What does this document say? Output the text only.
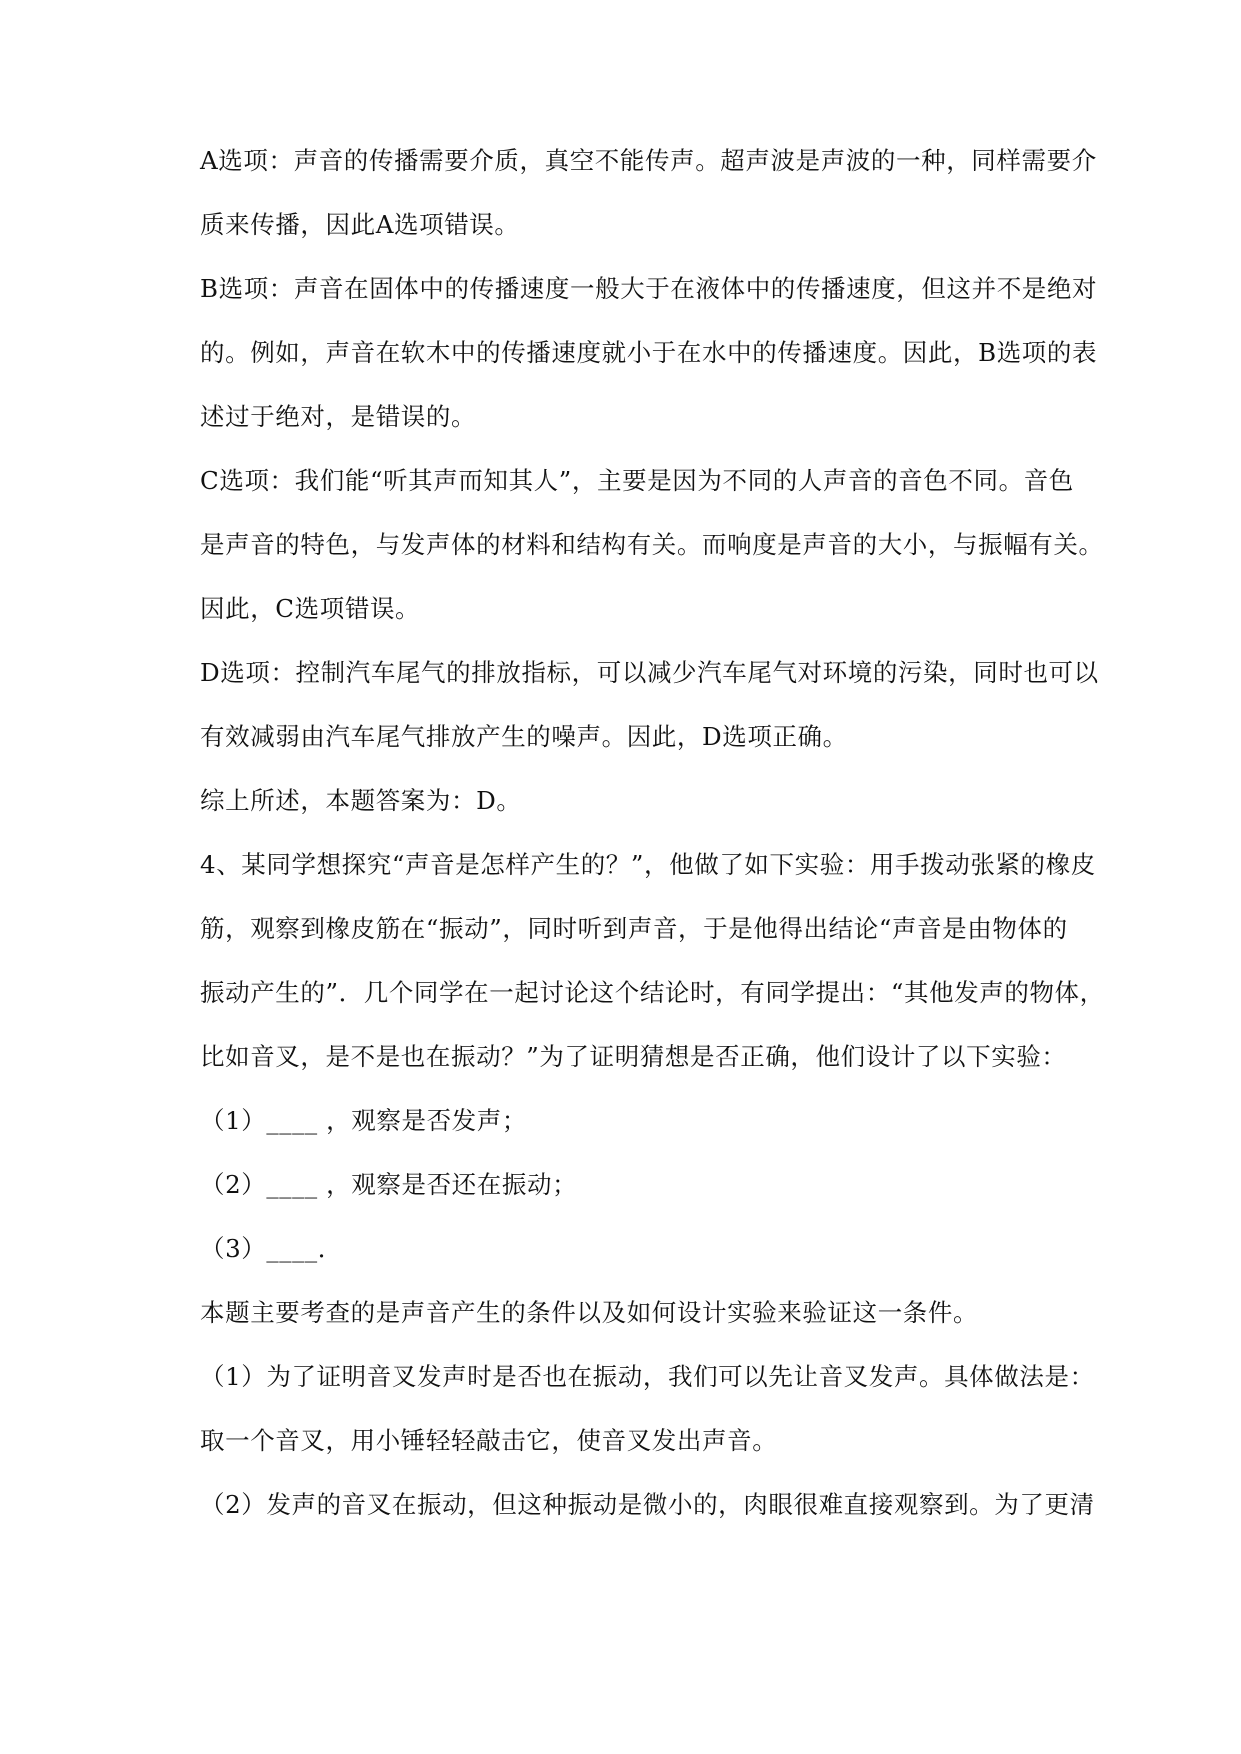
A选项：声音的传播需要介质，真空不能传声。超声波是声波的一种，同样需要介
质来传播，因此A选项错误。
B选项：声音在固体中的传播速度一般大于在液体中的传播速度，但这并不是绝对
的。例如，声音在软木中的传播速度就小于在水中的传播速度。因此，B选项的表
述过于绝对，是错误的。
C选项：我们能“听其声而知其人”，主要是因为不同的人声音的音色不同。音色
是声音的特色，与发声体的材料和结构有关。而响度是声音的大小，与振幅有关。
因此，C选项错误。
D选项：控制汽车尾气的排放指标，可以减少汽车尾气对环境的污染，同时也可以
有效减弱由汽车尾气排放产生的噪声。因此，D选项正确。
综上所述，本题答案为：D。
4、某同学想探究“声音是怎样产生的？”，他做了如下实验：用手拨动张紧的橡皮
筋，观察到橡皮筋在“振动”，同时听到声音，于是他得出结论“声音是由物体的
振动产生的”．几个同学在一起讨论这个结论时，有同学提出：“其他发声的物体，
比如音叉，是不是也在振动？”为了证明猜想是否正确，他们设计了以下实验：
（1）____ ，观察是否发声；
（2）____ ，观察是否还在振动；
（3）____．
本题主要考查的是声音产生的条件以及如何设计实验来验证这一条件。
（1）为了证明音叉发声时是否也在振动，我们可以先让音叉发声。具体做法是：
取一个音叉，用小锤轻轻敲击它，使音叉发出声音。
（2）发声的音叉在振动，但这种振动是微小的，肉眼很难直接观察到。为了更清
